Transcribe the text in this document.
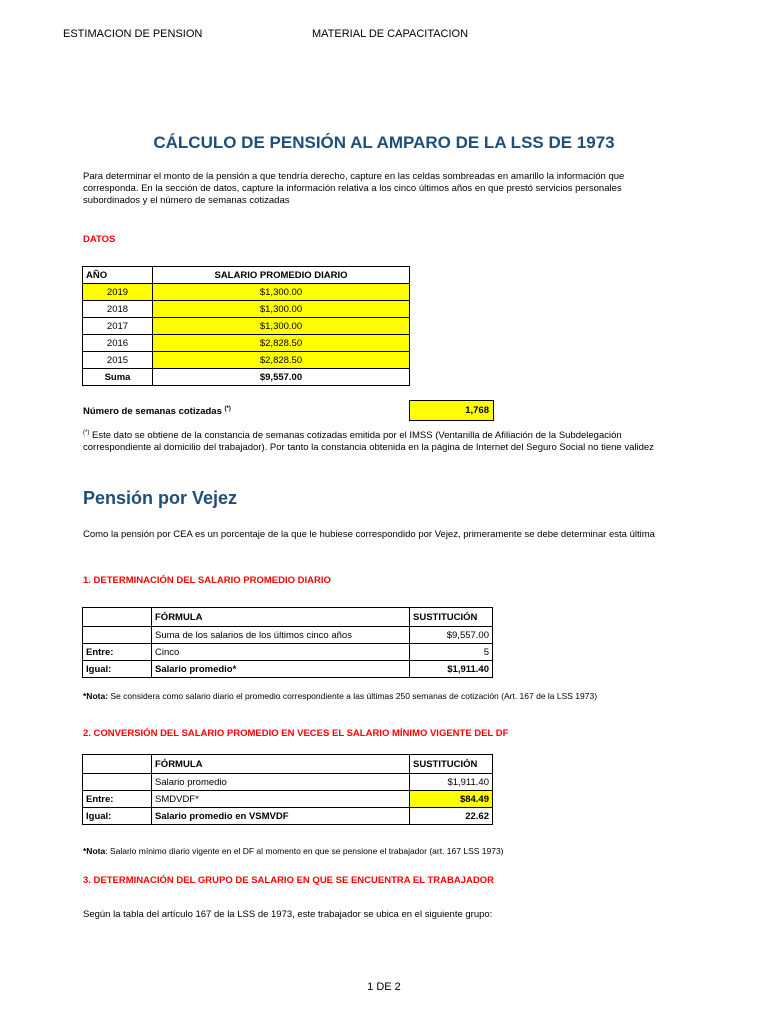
ESTIMACION DE PENSION	MATERIAL DE CAPACITACION
CÁLCULO DE PENSIÓN AL AMPARO DE LA LSS DE 1973
Para determinar el monto de la pensión a que tendría derecho, capture en las celdas sombreadas en amarillo la información que
corresponda. En la sección de datos, capture la información relativa a los cinco últimos años en que prestó servicios personales
subordinados y el número de semanas cotizadas
DATOS
AÑO	SALARIO PROMEDIO DIARIO
2019	$1,300.00
2018	$1,300.00
2017	$1,300.00
2016	$2,828.50
2015	$2,828.50
Suma	$9,557.00
Número de semanas cotizadas (*)	1,768
(*) Este dato se obtiene de la constancia de semanas cotizadas emitida por el IMSS (Ventanilla de Afiliación de la Subdelegación
correspondiente al domicilio del trabajador). Por tanto la constancia obtenida en la página de Internet del Seguro Social no tiene validez
Pensión por Vejez
Como la pensión por CEA es un porcentaje de la que le hubiese correspondido por Vejez, primeramente se debe determinar esta última
1. DETERMINACIÓN DEL SALARIO PROMEDIO DIARIO
	FÓRMULA	SUSTITUCIÓN
	Suma de los salarios de los últimos cinco años	$9,557.00
Entre:	Cinco	5
Igual:	Salario promedio*	$1,911.40
*Nota: Se considera como salario diario el promedio correspondiente a las últimas 250 semanas de cotización (Art. 167 de la LSS 1973)
2. CONVERSIÓN DEL SALARIO PROMEDIO EN VECES EL SALARIO MÍNIMO VIGENTE DEL DF
	FÓRMULA	SUSTITUCIÓN
	Salario promedio	$1,911.40
Entre:	SMDVDF*	$84.49
Igual:	Salario promedio en VSMVDF	22.62
*Nota: Salario mínimo diario vigente en el DF al momento en que se pensione el trabajador (art. 167 LSS 1973)
3. DETERMINACIÓN DEL GRUPO DE SALARIO EN QUE SE ENCUENTRA EL TRABAJADOR
Según la tabla del artículo 167 de la LSS de 1973, este trabajador se ubica en el siguiente grupo:
1 DE 2
